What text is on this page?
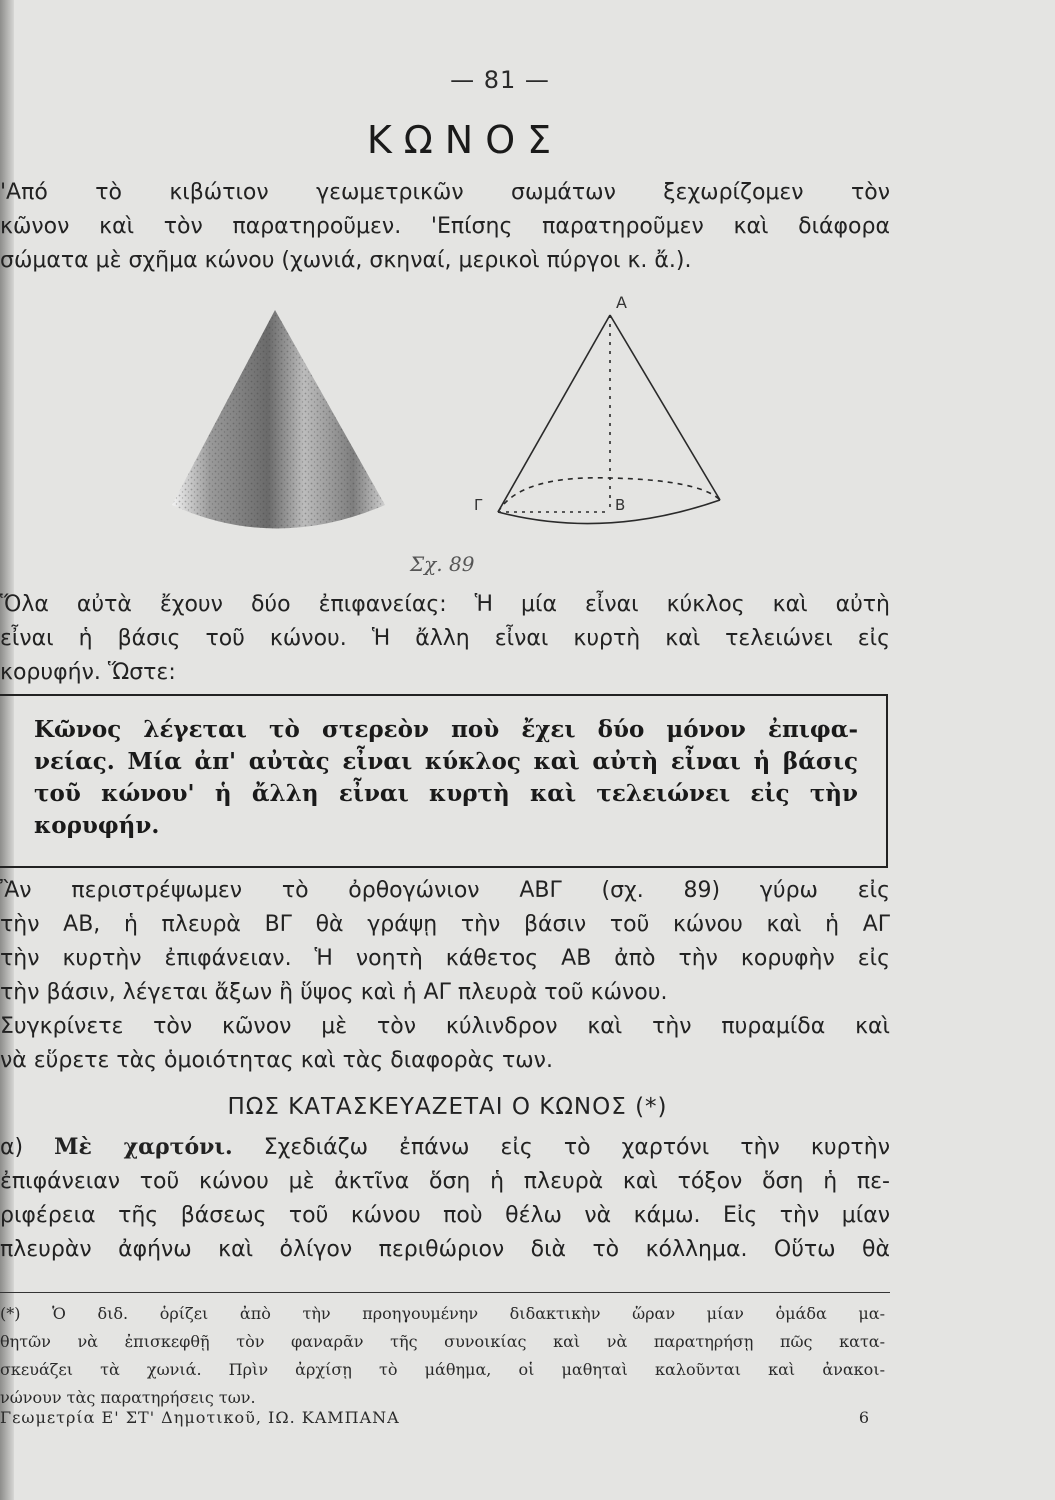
— 81 —
ΚΩΝΟΣ

'Από τὸ κιβώτιον γεωμετρικῶν σωμάτων ξεχωρίζομεν τὸν

κῶνον καὶ τὸν παρατηροῦμεν. 'Επίσης παρατηροῦμεν καὶ διάφορα

σώματα μὲ σχῆμα κώνου (χωνιά, σκηναί, μερικοὶ πύργοι κ. ἄ.).

Α
Γ	Β
Σχ. 89

Ὅλα αὐτὰ ἔχουν δύο ἐπιφανείας: Ἡ μία εἶναι κύκλος καὶ αὐτὴ

εἶναι ἡ βάσις τοῦ κώνου. Ἡ ἄλλη εἶναι κυρτὴ καὶ τελειώνει εἰς

κορυφήν. Ὥστε:

Κῶνος λέγεται τὸ στερεὸν ποὺ ἔχει δύο μόνον ἐπιφα-

νείας. Μία ἀπ' αὐτὰς εἶναι κύκλος καὶ αὐτὴ εἶναι ἡ βάσις

τοῦ κώνου' ἡ ἄλλη εἶναι κυρτὴ καὶ τελειώνει εἰς τὴν

κορυφήν.

Ἂν περιστρέψωμεν τὸ ὀρθογώνιον ΑΒΓ (σχ. 89) γύρω εἰς

τὴν ΑΒ, ἡ πλευρὰ ΒΓ θὰ γράψῃ τὴν βάσιν τοῦ κώνου καὶ ἡ ΑΓ

τὴν κυρτὴν ἐπιφάνειαν. Ἡ νοητὴ κάθετος ΑΒ ἀπὸ τὴν κορυφὴν εἰς

τὴν βάσιν, λέγεται ἄξων ἢ ὕψος καὶ ἡ ΑΓ πλευρὰ τοῦ κώνου.

Συγκρίνετε τὸν κῶνον μὲ τὸν κύλινδρον καὶ τὴν πυραμίδα καὶ

νὰ εὕρετε τὰς ὁμοιότητας καὶ τὰς διαφορὰς των.

ΠΩΣ ΚΑΤΑΣΚΕΥΑΖΕΤΑΙ Ο ΚΩΝΟΣ (*)

α) Μὲ χαρτόνι. Σχεδιάζω ἐπάνω εἰς τὸ χαρτόνι τὴν κυρτὴν

ἐπιφάνειαν τοῦ κώνου μὲ ἀκτῖνα ὅση ἡ πλευρὰ καὶ τόξον ὅση ἡ πε-

ριφέρεια τῆς βάσεως τοῦ κώνου ποὺ θέλω νὰ κάμω. Εἰς τὴν μίαν

πλευρὰν ἀφήνω καὶ ὀλίγον περιθώριον διὰ τὸ κόλλημα. Οὕτω θὰ

(*) Ὁ διδ. ὁρίζει ἀπὸ τὴν προηγουμένην διδακτικὴν ὥραν μίαν ὁμάδα μα-

θητῶν νὰ ἐπισκεφθῇ τὸν φαναρᾶν τῆς συνοικίας καὶ νὰ παρατηρήσῃ πῶς κατα-

σκευάζει τὰ χωνιά. Πρὶν ἀρχίσῃ τὸ μάθημα, οἱ μαθηταὶ καλοῦνται καὶ ἀνακοι-

νώνουν τὰς παρατηρήσεις των.

Γεωμετρία Ε' ΣΤ' Δημοτικοῦ, ΙΩ. ΚΑΜΠΑΝΑ	6
